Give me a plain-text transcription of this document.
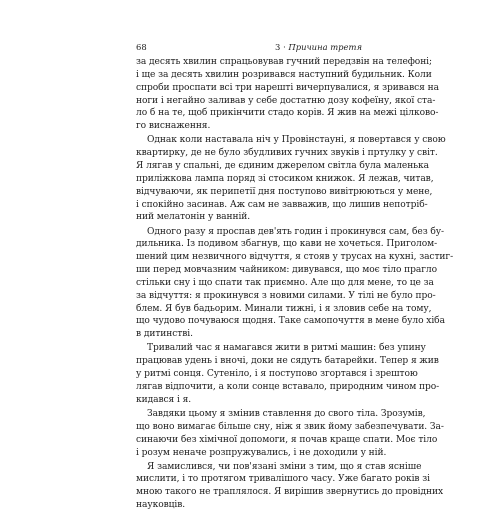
68	3 · Причина третя
за десять хвилин спрацьовував гучний передзвін на телефоні;
і ще за десять хвилин розривався наступний будильник. Коли
спроби проспати всі три нарешті вичерпувалися, я зривався на
ноги і негайно заливав у себе достатню дозу кофеїну, якої ста-
ло б на те, щоб прикінчити стадо корів. Я жив на межі цілково-
го виснаження.
Однак коли наставала ніч у Провінстауні, я повертався у свою
квартирку, де не було збудливих гучних звуків і пртулку у світ.
Я лягав у спальні, де єдиним джерелом світла була маленька
приліжкова лампа поряд зі стосиком книжок. Я лежав, читав,
відчуваючи, як перипетії дня поступово вивітрюються у мене,
і спокійно засинав. Аж сам не завважив, що лишив непотріб-
ний мелатонін у ванній.
Одного разу я проспав дев'ять годин і прокинувся сам, без бу-
дильника. Із подивом збагнув, що кави не хочеться. Приголом-
шений цим незвичного відчуття, я стояв у трусах на кухні, застиг-
ши перед мовчазним чайником: дивувався, що моє тіло прагло
стільки сну і що спати так приємно. Але що для мене, то це за
за відчуття: я прокинувся з новими силами. У тілі не було про-
блем. Я був бадьорим. Минали тижні, і я зловив себе на тому,
що чудово почуваюся щодня. Таке самопочуття в мене було хіба
в дитинстві.
Тривалий час я намагався жити в ритмі машин: без упину
працював удень і вночі, доки не сядуть батарейки. Тепер я жив
у ритмі сонця. Сутеніло, і я поступово згортався і зрештою
лягав відпочити, а коли сонце вставало, природним чином про-
кидався і я.
Завдяки цьому я змінив ставлення до свого тіла. Зрозумів,
що воно вимагає більше сну, ніж я звик йому забезпечувати. За-
синаючи без хімічної допомоги, я почав краще спати. Моє тіло
і розум неначе розпружувались, і не доходили у ній.
Я замислився, чи пов'язані зміни з тим, що я став ясніше
мислити, і то протягом тривалішого часу. Уже багато років зі
мною такого не траплялося. Я вирішив звернутись до провідних
науковців.
